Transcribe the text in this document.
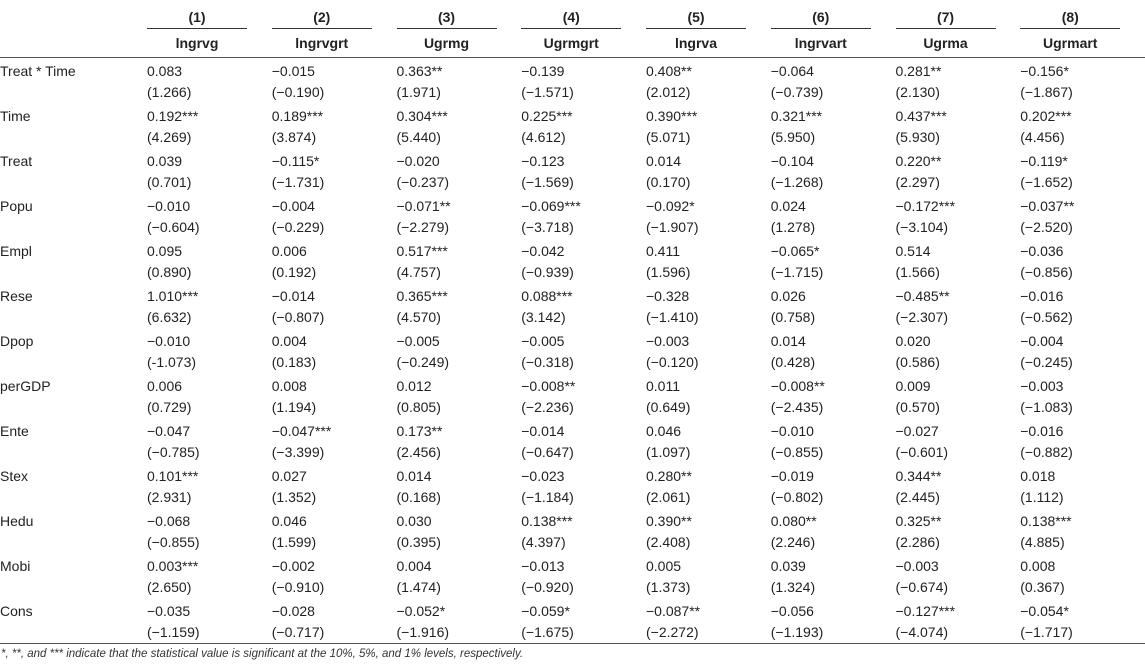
	(1)	(2)	(3)	(4)	(5)	(6)	(7)	(8)
	lngrvg	lngrvgrt	Ugrmg	Ugrmgrt	lngrva	lngrvart	Ugrma	Ugrmart
Treat * Time	0.083	−0.015	0.363**	−0.139	0.408**	−0.064	0.281**	−0.156*
	(1.266)	(−0.190)	(1.971)	(−1.571)	(2.012)	(−0.739)	(2.130)	(−1.867)
Time	0.192***	0.189***	0.304***	0.225***	0.390***	0.321***	0.437***	0.202***
	(4.269)	(3.874)	(5.440)	(4.612)	(5.071)	(5.950)	(5.930)	(4.456)
Treat	0.039	−0.115*	−0.020	−0.123	0.014	−0.104	0.220**	−0.119*
	(0.701)	(−1.731)	(−0.237)	(−1.569)	(0.170)	(−1.268)	(2.297)	(−1.652)
Popu	−0.010	−0.004	−0.071**	−0.069***	−0.092*	0.024	−0.172***	−0.037**
	(−0.604)	(−0.229)	(−2.279)	(−3.718)	(−1.907)	(1.278)	(−3.104)	(−2.520)
Empl	0.095	0.006	0.517***	−0.042	0.411	−0.065*	0.514	−0.036
	(0.890)	(0.192)	(4.757)	(−0.939)	(1.596)	(−1.715)	(1.566)	(−0.856)
Rese	1.010***	−0.014	0.365***	0.088***	−0.328	0.026	−0.485**	−0.016
	(6.632)	(−0.807)	(4.570)	(3.142)	(−1.410)	(0.758)	(−2.307)	(−0.562)
Dpop	−0.010	0.004	−0.005	−0.005	−0.003	0.014	0.020	−0.004
	(-1.073)	(0.183)	(−0.249)	(−0.318)	(−0.120)	(0.428)	(0.586)	(−0.245)
perGDP	0.006	0.008	0.012	−0.008**	0.011	−0.008**	0.009	−0.003
	(0.729)	(1.194)	(0.805)	(−2.236)	(0.649)	(−2.435)	(0.570)	(−1.083)
Ente	−0.047	−0.047***	0.173**	−0.014	0.046	−0.010	−0.027	−0.016
	(−0.785)	(−3.399)	(2.456)	(−0.647)	(1.097)	(−0.855)	(−0.601)	(−0.882)
Stex	0.101***	0.027	0.014	−0.023	0.280**	−0.019	0.344**	0.018
	(2.931)	(1.352)	(0.168)	(−1.184)	(2.061)	(−0.802)	(2.445)	(1.112)
Hedu	−0.068	0.046	0.030	0.138***	0.390**	0.080**	0.325**	0.138***
	(−0.855)	(1.599)	(0.395)	(4.397)	(2.408)	(2.246)	(2.286)	(4.885)
Mobi	0.003***	−0.002	0.004	−0.013	0.005	0.039	−0.003	0.008
	(2.650)	(−0.910)	(1.474)	(−0.920)	(1.373)	(1.324)	(−0.674)	(0.367)
Cons	−0.035	−0.028	−0.052*	−0.059*	−0.087**	−0.056	−0.127***	−0.054*
	(−1.159)	(−0.717)	(−1.916)	(−1.675)	(−2.272)	(−1.193)	(−4.074)	(−1.717)
*, **, and *** indicate that the statistical value is significant at the 10%, 5%, and 1% levels, respectively.
